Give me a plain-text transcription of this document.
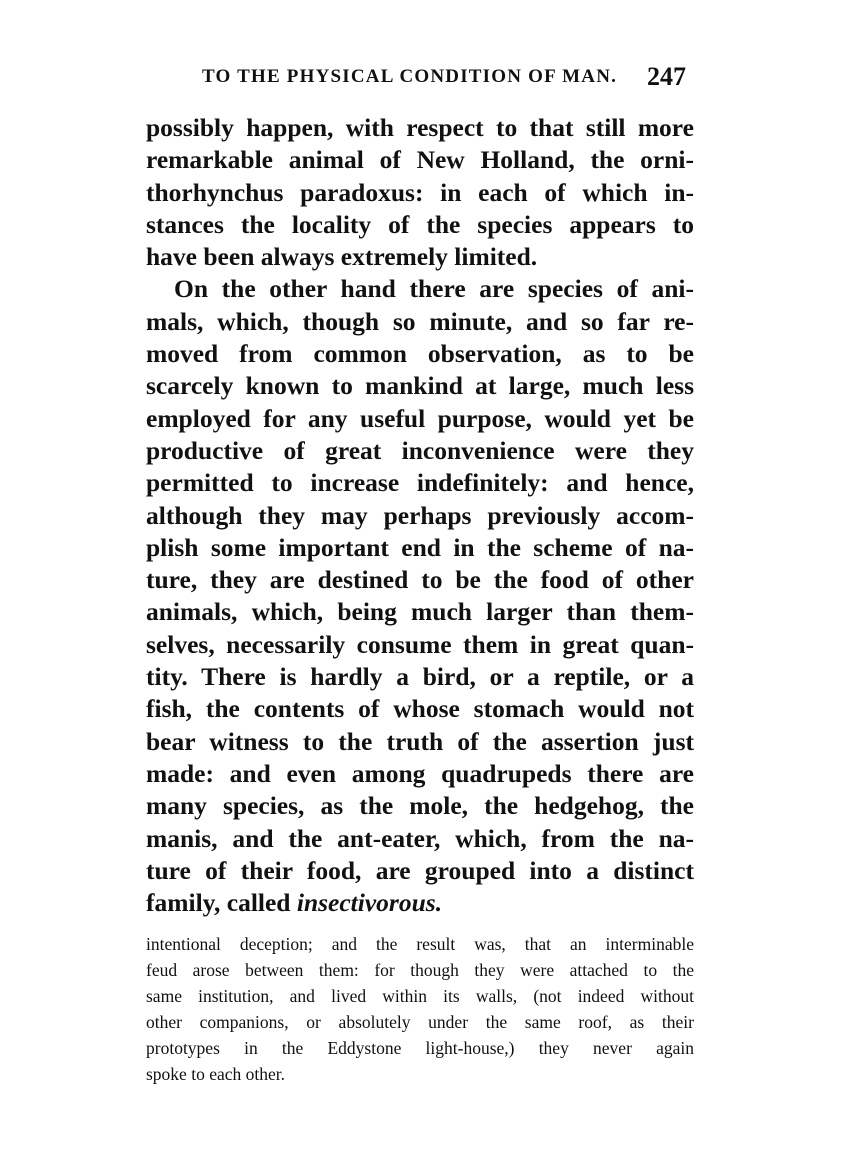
TO THE PHYSICAL CONDITION OF MAN. 247
possibly happen, with respect to that still more
remarkable animal of New Holland, the orni-
thorhynchus paradoxus: in each of which in-
stances the locality of the species appears to
have been always extremely limited.
On the other hand there are species of ani-
mals, which, though so minute, and so far re-
moved from common observation, as to be
scarcely known to mankind at large, much less
employed for any useful purpose, would yet be
productive of great inconvenience were they
permitted to increase indefinitely: and hence,
although they may perhaps previously accom-
plish some important end in the scheme of na-
ture, they are destined to be the food of other
animals, which, being much larger than them-
selves, necessarily consume them in great quan-
tity. There is hardly a bird, or a reptile, or a
fish, the contents of whose stomach would not
bear witness to the truth of the assertion just
made: and even among quadrupeds there are
many species, as the mole, the hedgehog, the
manis, and the ant-eater, which, from the na-
ture of their food, are grouped into a distinct
family, called insectivorous.
intentional deception; and the result was, that an interminable
feud arose between them: for though they were attached to the
same institution, and lived within its walls, (not indeed without
other companions, or absolutely under the same roof, as their
prototypes in the Eddystone light-house,) they never again
spoke to each other.
